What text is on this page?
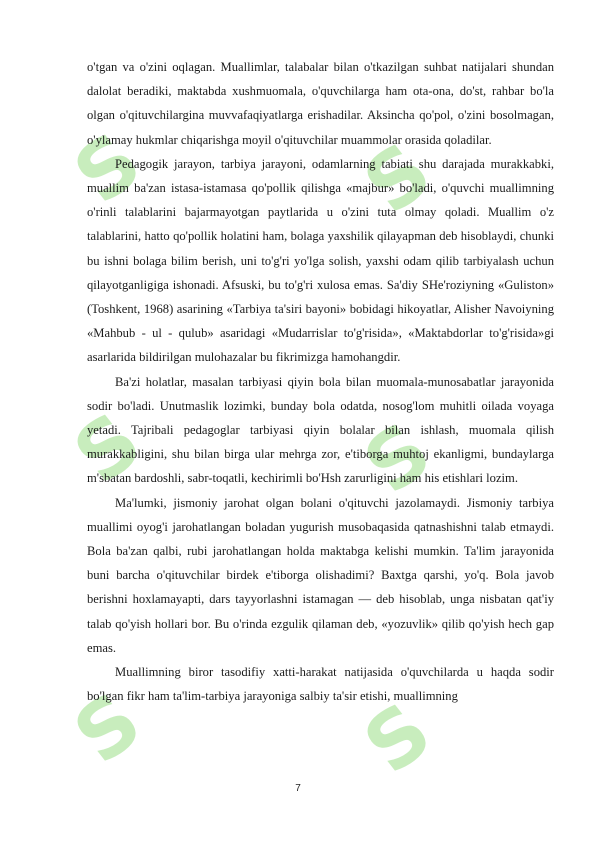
S S
S S
S S

o'tgan va o'zini oqlagan. Muallimlar, talabalar bilan o'tkazilgan suhbat natijalari shundan dalolat beradiki, maktabda xushmuomala, o'quvchilarga ham ota-ona, do'st, rahbar bo'la olgan o'qituvchilargina muvvafaqiyatlarga erishadilar. Aksincha qo'pol, o'zini bosolmagan, o'ylamay hukmlar chiqarishga moyil o'qituvchilar muammolar orasida qoladilar.

Pedagogik jarayon, tarbiya jarayoni, odamlarning tabiati shu darajada murakkabki, muallim ba'zan istasa-istamasa qo'pollik qilishga «majbur» bo'ladi, o'quvchi muallimning o'rinli talablarini bajarmayotgan paytlarida u o'zini tuta olmay qoladi. Muallim o'z talablarini, hatto qo'pollik holatini ham, bolaga yaxshilik qilayapman deb hisoblaydi, chunki bu ishni bolaga bilim berish, uni to'g'ri yo'lga solish, yaxshi odam qilib tarbiyalash uchun qilayotganligiga ishonadi. Afsuski, bu to'g'ri xulosa emas. Sa'diy SHe'roziyning «Guliston» (Toshkent, 1968) asarining «Tarbiya ta'siri bayoni» bobidagi hikoyatlar, Alisher Navoiyning «Mahbub - ul - qulub» asaridagi «Mudarrislar to'g'risida», «Maktabdorlar to'g'risida»gi asarlarida bildirilgan mulohazalar bu fikrimizga hamohangdir.

Ba'zi holatlar, masalan tarbiyasi qiyin bola bilan muomala-munosabatlar jarayonida sodir bo'ladi. Unutmaslik lozimki, bunday bola odatda, nosog'lom muhitli oilada voyaga yetadi. Tajribali pedagoglar tarbiyasi qiyin bolalar bilan ishlash, muomala qilish murakkabligini, shu bilan birga ular mehrga zor, e'tiborga muhtoj ekanligmi, bundaylarga m'sbatan bardoshli, sabr-toqatli, kechirimli bo'Hsh zarurligini ham his etishlari lozim.

Ma'lumki, jismoniy jarohat olgan bolani o'qituvchi jazolamaydi. Jismoniy tarbiya muallimi oyog'i jarohatlangan boladan yugurish musobaqasida qatnashishni talab etmaydi. Bola ba'zan qalbi, rubi jarohatlangan holda maktabga kelishi mumkin. Ta'lim jarayonida buni barcha o'qituvchilar birdek e'tiborga olishadimi? Baxtga qarshi, yo'q. Bola javob berishni hoxlamayapti, dars tayyorlashni istamagan — deb hisoblab, unga nisbatan qat'iy talab qo'yish hollari bor. Bu o'rinda ezgulik qilaman deb, «yozuvlik» qilib qo'yish hech gap emas.

Muallimning biror tasodifiy xatti-harakat natijasida o'quvchilarda u haqda sodir bo'lgan fikr ham ta'lim-tarbiya jarayoniga salbiy ta'sir etishi, muallimning

7
